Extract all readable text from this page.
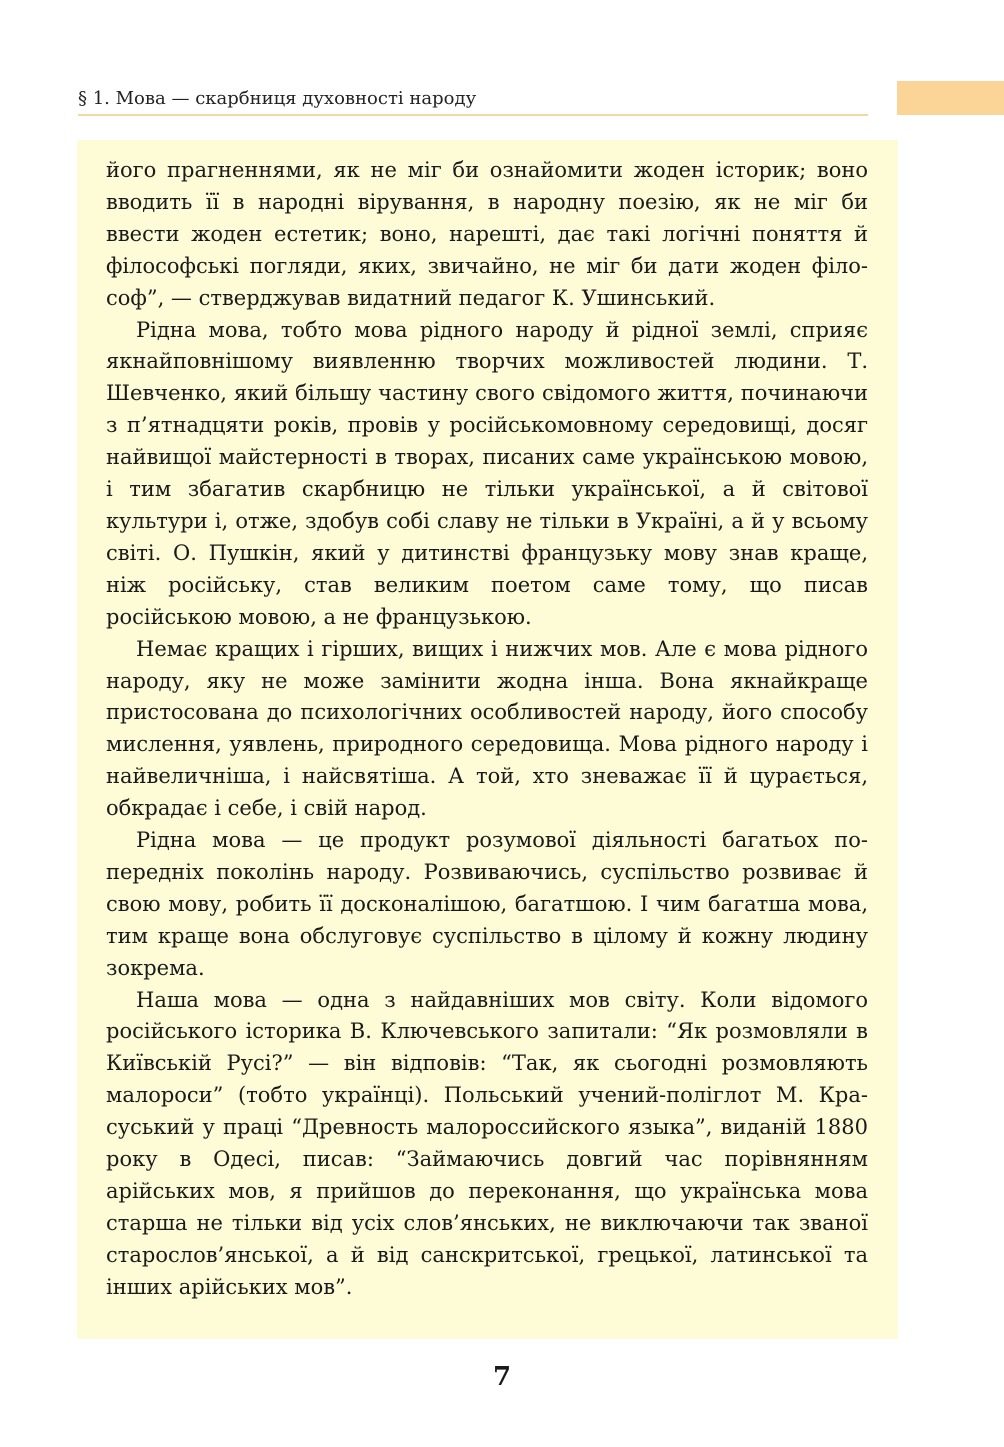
§ 1. Мова — скарбниця духовності народу

його прагненнями, як не міг би ознайомити жоден історик; воно вводить її в народні вірування, в народну поезію, як не міг би ввести жоден естетик; воно, нарешті, дає такі логічні поняття й філософські погляди, яких, звичайно, не міг би дати жоден філософ”, — стверджував видатний педагог К. Ушинський.

Рідна мова, тобто мова рідного народу й рідної землі, сприяє якнайповнішому виявленню творчих можливостей людини. Т. Шевченко, який більшу частину свого свідомого життя, починаючи з п’ятнадцяти років, провів у російськомовному середовищі, досяг найвищої майстерності в творах, писаних саме українською мовою, і тим збагатив скарбницю не тільки української, а й світової культури і, отже, здобув собі славу не тільки в Україні, а й у всьому світі. О. Пушкін, який у дитинстві французьку мову знав краще, ніж російську, став великим поетом саме тому, що писав російською мовою, а не французькою.

Немає кращих і гірших, вищих і нижчих мов. Але є мова рідного народу, яку не може замінити жодна інша. Вона якнайкраще пристосована до психологічних особливостей народу, його способу мислення, уявлень, природного середовища. Мова рідного народу і найвеличніша, і найсвятіша. А той, хто зневажає її й цурається, обкрадає і себе, і свій народ.

Рідна мова — це продукт розумової діяльності багатьох попередніх поколінь народу. Розвиваючись, суспільство розвиває й свою мову, робить її досконалішою, багатшою. І чим багатша мова, тим краще вона обслуговує суспільство в цілому й кожну людину зокрема.

Наша мова — одна з найдавніших мов світу. Коли відомого російського історика В. Ключевського запитали: “Як розмовляли в Київській Русі?” — він відповів: “Так, як сьогодні розмовляють малороси” (тобто українці). Польський учений-поліглот М. Красуський у праці “Древность малороссийского языка”, виданій 1880 року в Одесі, писав: “Займаючись довгий час порівнянням арійських мов, я прийшов до переконання, що українська мова старша не тільки від усіх слов’янських, не виключаючи так званої старослов’янської, а й від санскритської, грецької, латинської та інших арійських мов”.

7
